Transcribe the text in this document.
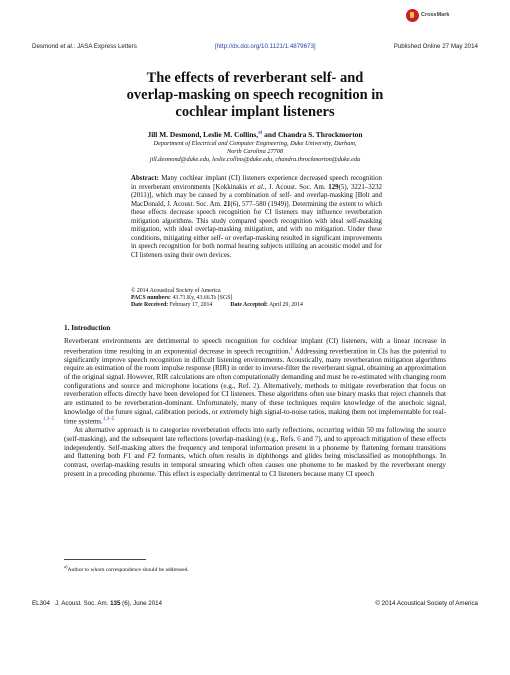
CrossMark
Desmond et al.: JASA Express Letters	[http://dx.doi.org/10.1121/1.4879673]	Published Online 27 May 2014
The effects of reverberant self- and
overlap-masking on speech recognition in
cochlear implant listeners
Jill M. Desmond, Leslie M. Collins,$^{a)}$ and Chandra S. Throckmorton
Department of Electrical and Computer Engineering, Duke University, Durham,
North Carolina 27708
jill.desmond@duke.edu, leslie.collins@duke.edu, chandra.throckmorton@duke.edu
Abstract: Many cochlear implant (CI) listeners experience decreased speech recognition in reverberant environments [Kokkinakis et al., J. Acoust. Soc. Am. 129(5), 3221–3232 (2011)], which may be caused by a combination of self- and overlap-masking [Bolt and MacDonald, J. Acoust. Soc. Am. 21(6), 577–580 (1949)]. Determining the extent to which these effects decrease speech recognition for CI listeners may influence reverberation mitigation algorithms. This study compared speech recognition with ideal self-masking mitigation, with ideal overlap-masking mitigation, and with no mitigation. Under these conditions, mitigating either self- or overlap-masking resulted in significant improvements in speech recognition for both normal hearing subjects utilizing an acoustic model and for CI listeners using their own devices.
© 2014 Acoustical Society of America
PACS numbers: 43.71.Ky, 43.66.Ts [SGS]
Date Received: February 17, 2014	Date Accepted: April 29, 2014
1. Introduction

Reverberant environments are detrimental to speech recognition for cochlear implant (CI) listeners, with a linear increase in reverberation time resulting in an exponential decrease in speech recognition.$^1$ Addressing reverberation in CIs has the potential to significantly improve speech recognition in difficult listening environments. Acoustically, many reverberation mitigation algorithms require an estimation of the room impulse response (RIR) in order to inverse-filter the reverberant signal, obtaining an approximation of the original signal. However, RIR calculations are often computationally demanding and must be re-estimated with changing room configurations and source and microphone locations (e.g., Ref. 2). Alternatively, methods to mitigate reverberation that focus on reverberation effects directly have been developed for CI listeners. These algorithms often use binary masks that reject channels that are estimated to be reverberation-dominant. Unfortunately, many of these techniques require knowledge of the anechoic signal, knowledge of the future signal, calibration periods, or extremely high signal-to-noise ratios, making them not implementable for real-time systems.$^{1,3-5}$

An alternative approach is to categorize reverberation effects into early reflections, occurring within 50 ms following the source (self-masking), and the subsequent late reflections (overlap-masking) (e.g., Refs. 6 and 7), and to approach mitigation of these effects independently. Self-masking alters the frequency and temporal information present in a phoneme by flattening formant transitions and flattening both F1 and F2 formants, which often results in diphthongs and glides being misclassified as monophthongs. In contrast, overlap-masking results in temporal smearing which often causes one phoneme to be masked by the reverberant energy present in a preceding phoneme. This effect is especially detrimental to CI listeners because many CI speech

$^{a)}$Author to whom correspondence should be addressed.
EL304   J. Acoust. Soc. Am. 135 (6), June 2014	© 2014 Acoustical Society of America
